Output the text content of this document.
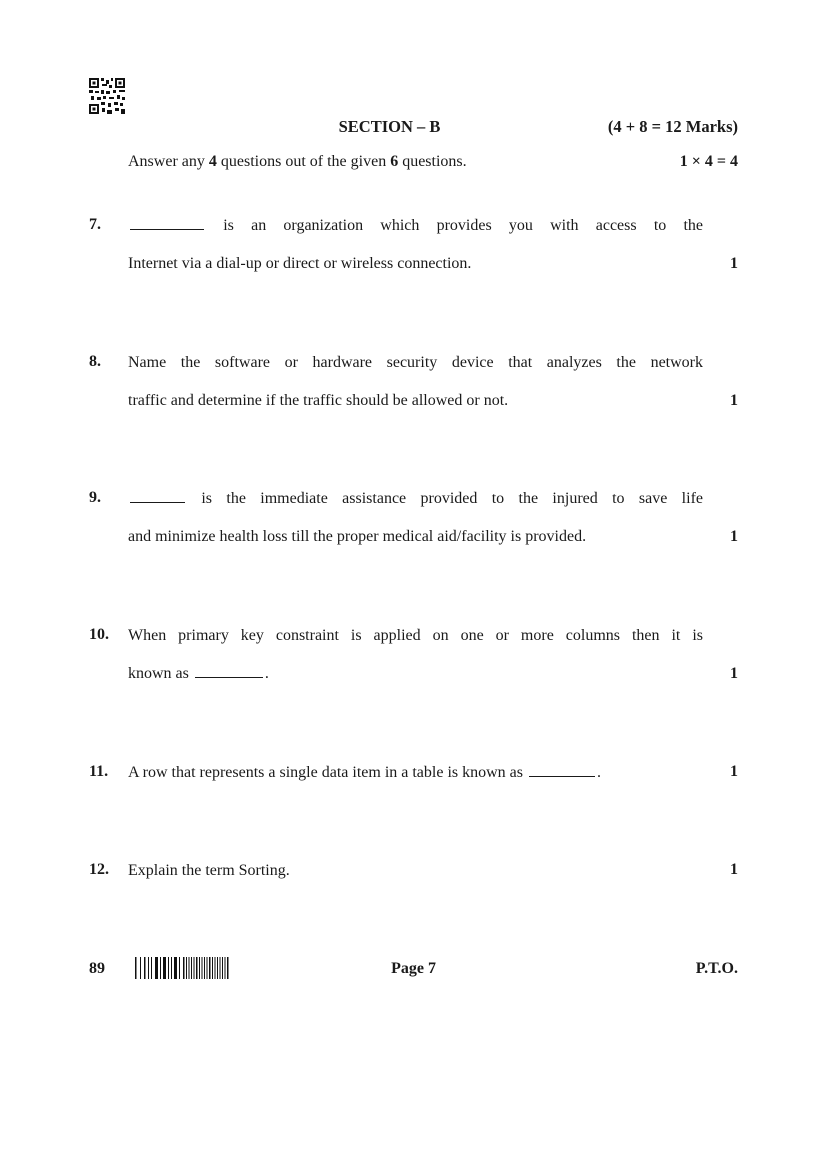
SECTION – B	(4 + 8 = 12 Marks)
Answer any 4 questions out of the given 6 questions.	1 × 4 = 4
7.	is an organization which provides you with access to the
Internet via a dial-up or direct or wireless connection.	1
8. Name the software or hardware security device that analyzes the network
traffic and determine if the traffic should be allowed or not.	1
9.	is the immediate assistance provided to the injured to save life
and minimize health loss till the proper medical aid/facility is provided.	1
10. When primary key constraint is applied on one or more columns then it is
known as	.	1
11. A row that represents a single data item in a table is known as	.	1
12. Explain the term Sorting.	1
89	Page 7	P.T.O.
